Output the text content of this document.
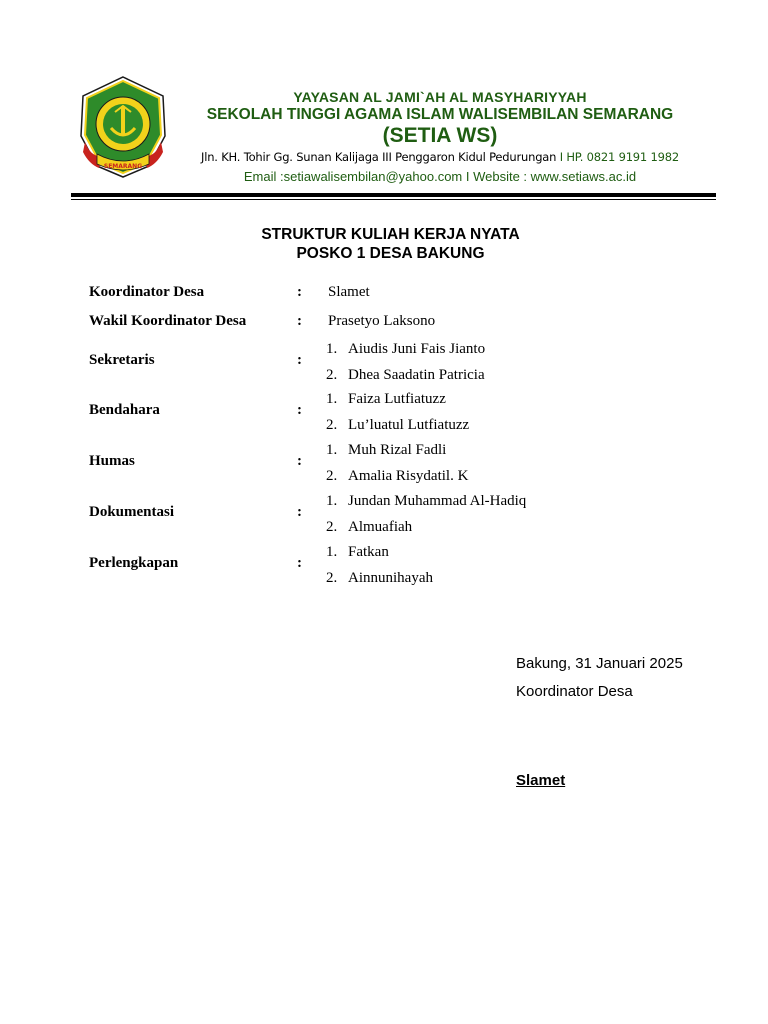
SEMARANG
YAYASAN AL JAMI`AH AL MASYHARIYYAH
SEKOLAH TINGGI AGAMA ISLAM WALISEMBILAN SEMARANG
(SETIA WS)
Jln. KH. Tohir Gg. Sunan Kalijaga III Penggaron Kidul Pedurungan I HP. 0821 9191 1982
Email :setiawalisembilan@yahoo.com I Website : www.setiaws.ac.id
STRUKTUR KULIAH KERJA NYATA
POSKO 1 DESA BAKUNG
Koordinator Desa	: Slamet
Wakil Koordinator Desa	: Prasetyo Laksono
Sekretaris	:
1. Aiudis Juni Fais Jianto
2. Dhea Saadatin Patricia
Bendahara	:
1. Faiza Lutfiatuzz
2. Lu’luatul Lutfiatuzz
Humas	:
1. Muh Rizal Fadli
2. Amalia Risydatil. K
Dokumentasi	:
1. Jundan Muhammad Al-Hadiq
2. Almuafiah
Perlengkapan	:
1. Fatkan
2. Ainnunihayah
Bakung, 31 Januari 2025
Koordinator Desa
Slamet
